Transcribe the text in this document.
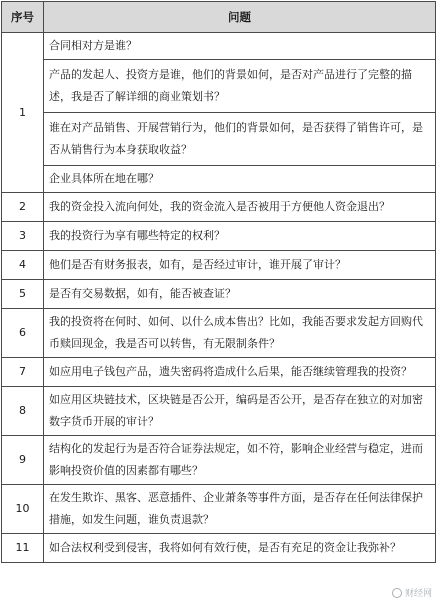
序号	问题
1	合同相对方是谁？
	产品的发起人、投资方是谁，他们的背景如何，是否对产品进行了完整的描述，我是否了解详细的商业策划书？
	谁在对产品销售、开展营销行为，他们的背景如何，是否获得了销售许可，是否从销售行为本身获取收益？
	企业具体所在地在哪？
2	我的资金投入流向何处，我的资金流入是否被用于方便他人资金退出？
3	我的投资行为享有哪些特定的权利？
4	他们是否有财务报表，如有，是否经过审计，谁开展了审计？
5	是否有交易数据，如有，能否被查证？
6	我的投资将在何时、如何、以什么成本售出？比如，我能否要求发起方回购代币赎回现金，我是否可以转售，有无限制条件？
7	如应用电子钱包产品，遗失密码将造成什么后果，能否继续管理我的投资？
8	如应用区块链技术，区块链是否公开，编码是否公开，是否存在独立的对加密数字货币开展的审计？
9	结构化的发起行为是否符合证券法规定，如不符，影响企业经营与稳定，进而影响投资价值的因素都有哪些？
10	在发生欺诈、黑客、恶意插件、企业萧条等事件方面，是否存在任何法律保护措施，如发生问题，谁负责退款？
11	如合法权利受到侵害，我将如何有效行使，是否有充足的资金让我弥补？
财经网
